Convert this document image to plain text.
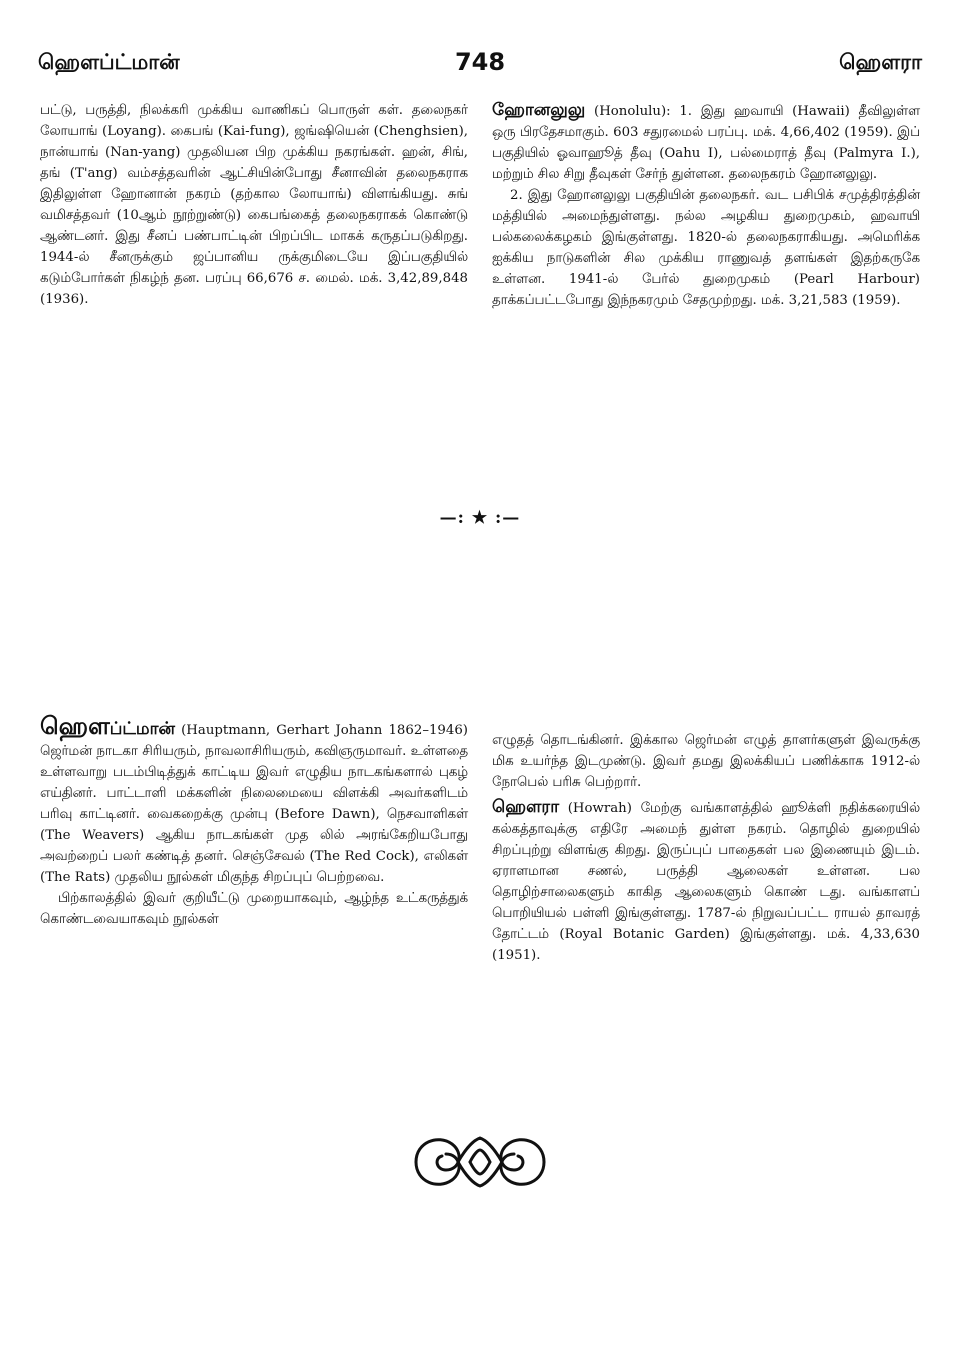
ஹௌப்ட்மான்	748	ஹௌரா

பட்டு, பருத்தி, நிலக்கரி முக்கிய வாணிகப் பொருள் கள். தலைநகர் லோயாங் (Loyang). கைபங் (Kai-fung), ஜங்ஷியென் (Chenghsien), நான்யாங் (Nan-yang) முதலியன பிற முக்கிய நகரங்கள். ஹன், சிங், தங் (T'ang) வம்சத்தவரின் ஆட்சியின்போது சீனாவின் தலைநகராக இதிலுள்ள ஹோனான் நகரம் (தற்கால லோயாங்) விளங்கியது. சுங் வமிசத்தவர் (10ஆம் நூற்றுண்டு) கைபங்கைத் தலைநகராகக் கொண்டு ஆண்டனர். இது சீனப் பண்பாட்டின் பிறப்பிட மாகக் கருதப்படுகிறது. 1944-ல் சீனருக்கும் ஜப்பானிய ருக்குமிடையே இப்பகுதியில் கடும்போர்கள் நிகழ்ந் தன. பரப்பு 66,676 ச. மைல். மக். 3,42,89,848 (1936).

ஹோனலுலு (Honolulu): 1. இது ஹவாயி (Hawaii) தீவிலுள்ள ஒரு பிரதேசமாகும். 603 சதுரமைல் பரப்பு. மக். 4,66,402 (1959). இப் பகுதியில் ஓவாஹூத் தீவு (Oahu I), பல்மைராத் தீவு (Palmyra I.), மற்றும் சில சிறு தீவுகள் சேர்ந் துள்ளன. தலைநகரம் ஹோனலுலு.

2. இது ஹோனலுலு பகுதியின் தலைநகர். வட பசிபிக் சமுத்திரத்தின் மத்தியில் அமைந்துள்ளது. நல்ல அழகிய துறைமுகம், ஹவாயி பல்கலைக்கழகம் இங்குள்ளது. 1820-ல் தலைநகராகியது. அமெரிக்க ஐக்கிய நாடுகளின் சில முக்கிய ராணுவத் தளங்கள் இதற்கருகே உள்ளன. 1941-ல் பேர்ல் துறைமுகம் (Pearl Harbour) தாக்கப்பட்டபோது இந்நகரமும் சேதமுற்றது. மக். 3,21,583 (1959).

—: ★ :—

ஹௌப்ட்மான் (Hauptmann, Gerhart Johann 1862–1946) ஜெர்மன் நாடகா சிரியரும், நாவலாசிரியரும், கவிஞருமாவர். உள்ளதை உள்ளவாறு படம்பிடித்துக் காட்டிய இவர் எழுதிய நாடகங்களால் புகழ் எய்தினர். பாட்டாளி மக்களின் நிலைமையை விளக்கி அவர்களிடம் பரிவு காட்டினர். வைகறைக்கு முன்பு (Before Dawn), நெசவாளிகள் (The Weavers) ஆகிய நாடகங்கள் முத லில் அரங்கேறியபோது அவற்றைப் பலர் கண்டித் தனர். செஞ்சேவல் (The Red Cock), எலிகள் (The Rats) முதலிய நூல்கள் மிகுந்த சிறப்புப் பெற்றவை.

பிற்காலத்தில் இவர் குறியீட்டு முறையாகவும், ஆழ்ந்த உட்கருத்துக் கொண்டவையாகவும் நூல்கள்

எழுதத் தொடங்கினர். இக்கால ஜெர்மன் எழுத் தாளர்களுள் இவருக்கு மிக உயர்ந்த இடமுண்டு. இவர் தமது இலக்கியப் பணிக்காக 1912-ல் நோபெல் பரிசு பெற்றார்.

ஹௌரா (Howrah) மேற்கு வங்காளத்தில் ஹூக்ளி நதிக்கரையில் கல்கத்தாவுக்கு எதிரே அமைந் துள்ள நகரம். தொழில் துறையில் சிறப்புற்று விளங்கு கிறது. இருப்புப் பாதைகள் பல இணையும் இடம். ஏராளமான சணல், பருத்தி ஆலைகள் உள்ளன. பல தொழிற்சாலைகளும் காகித ஆலைகளும் கொண் டது. வங்காளப் பொறியியல் பள்ளி இங்குள்ளது. 1787-ல் நிறுவப்பட்ட ராயல் தாவரத் தோட்டம் (Royal Botanic Garden) இங்குள்ளது. மக். 4,33,630 (1951).
